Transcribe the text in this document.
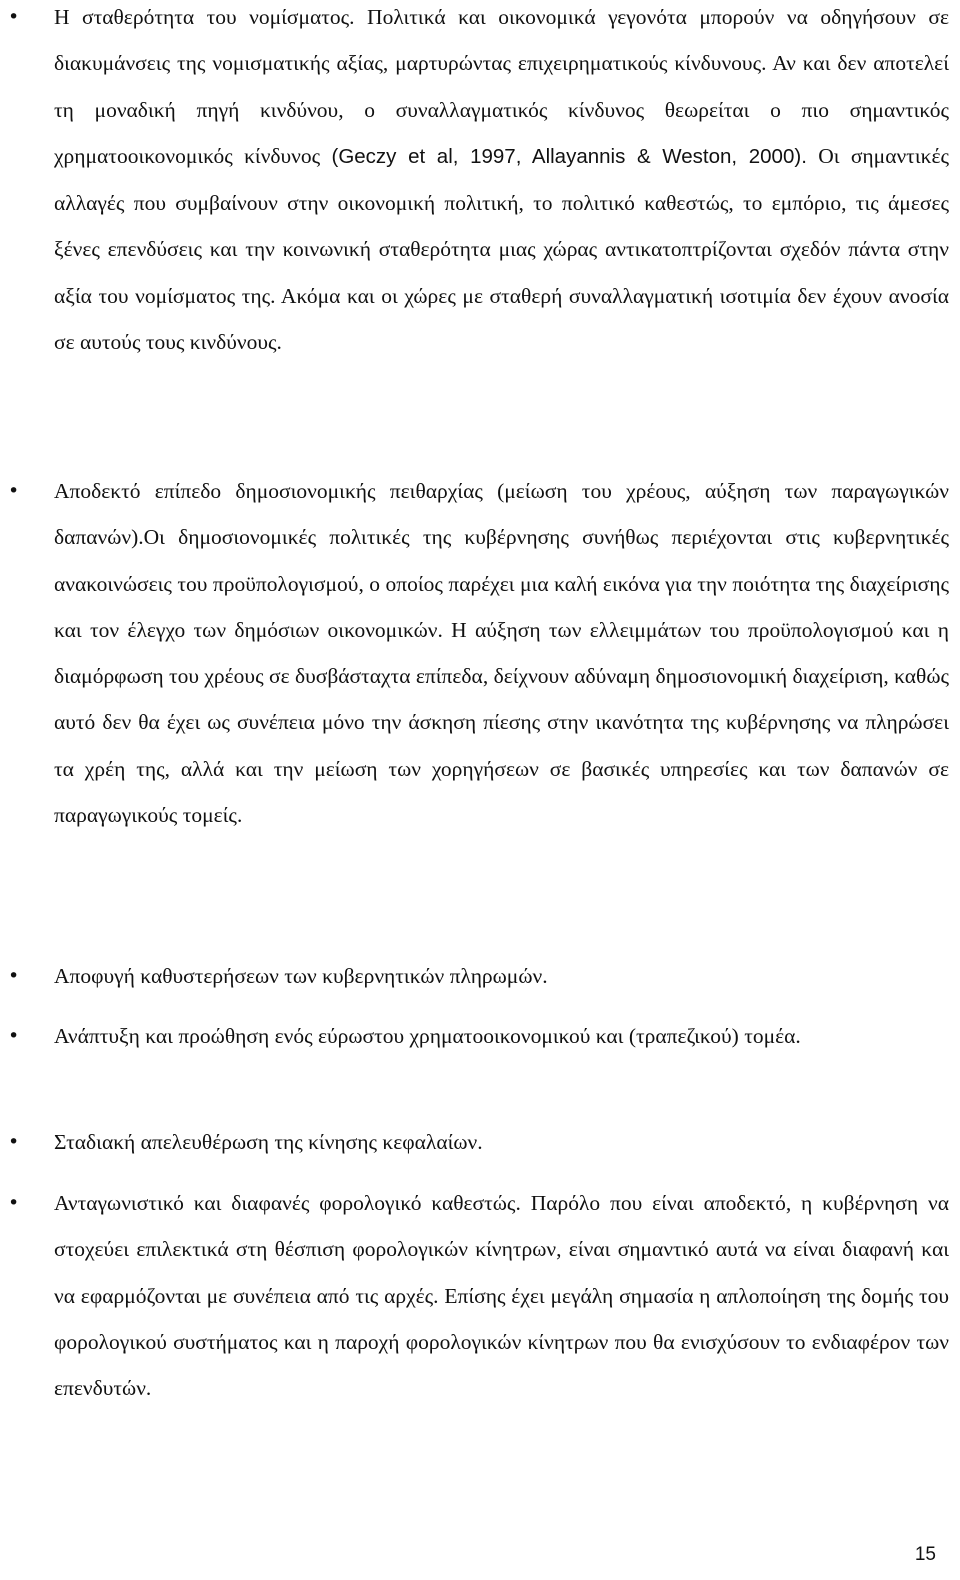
• Η σταθερότητα του νομίσματος. Πολιτικά και οικονομικά γεγονότα μπορούν να οδηγήσουν σε διακυμάνσεις της νομισματικής αξίας, μαρτυρώντας επιχειρηματικούς κίνδυνους. Αν και δεν αποτελεί τη μοναδική πηγή κινδύνου, ο συναλλαγματικός κίνδυνος θεωρείται ο πιο σημαντικός χρηματοοικονομικός κίνδυνος (Geczy et al, 1997, Allayannis & Weston, 2000). Οι σημαντικές αλλαγές που συμβαίνουν στην οικονομική πολιτική, το πολιτικό καθεστώς, το εμπόριο, τις άμεσες ξένες επενδύσεις και την κοινωνική σταθερότητα μιας χώρας αντικατοπτρίζονται σχεδόν πάντα στην αξία του νομίσματος της. Ακόμα και οι χώρες με σταθερή συναλλαγματική ισοτιμία δεν έχουν ανοσία σε αυτούς τους κινδύνους.

• Αποδεκτό επίπεδο δημοσιονομικής πειθαρχίας (μείωση του χρέους, αύξηση των παραγωγικών δαπανών).Οι δημοσιονομικές πολιτικές της κυβέρνησης συνήθως περιέχονται στις κυβερνητικές ανακοινώσεις του προϋπολογισμού, ο οποίος παρέχει μια καλή εικόνα για την ποιότητα της διαχείρισης και τον έλεγχο των δημόσιων οικονομικών. Η αύξηση των ελλειμμάτων του προϋπολογισμού και η διαμόρφωση του χρέους σε δυσβάσταχτα επίπεδα, δείχνουν αδύναμη δημοσιονομική διαχείριση, καθώς αυτό δεν θα έχει ως συνέπεια μόνο την άσκηση πίεσης στην ικανότητα της κυβέρνησης να πληρώσει τα χρέη της, αλλά και την μείωση των χορηγήσεων σε βασικές υπηρεσίες και των δαπανών σε παραγωγικούς τομείς.

• Αποφυγή καθυστερήσεων των κυβερνητικών πληρωμών.

• Ανάπτυξη και προώθηση ενός εύρωστου χρηματοοικονομικού και (τραπεζικού) τομέα.

• Σταδιακή απελευθέρωση της κίνησης κεφαλαίων.

• Ανταγωνιστικό και διαφανές φορολογικό καθεστώς. Παρόλο που είναι αποδεκτό, η κυβέρνηση να στοχεύει επιλεκτικά στη θέσπιση φορολογικών κίνητρων, είναι σημαντικό αυτά να είναι διαφανή και να εφαρμόζονται με συνέπεια από τις αρχές. Επίσης έχει μεγάλη σημασία η απλοποίηση της δομής του φορολογικού συστήματος και η παροχή φορολογικών κίνητρων που θα ενισχύσουν το ενδιαφέρον των επενδυτών.

15
